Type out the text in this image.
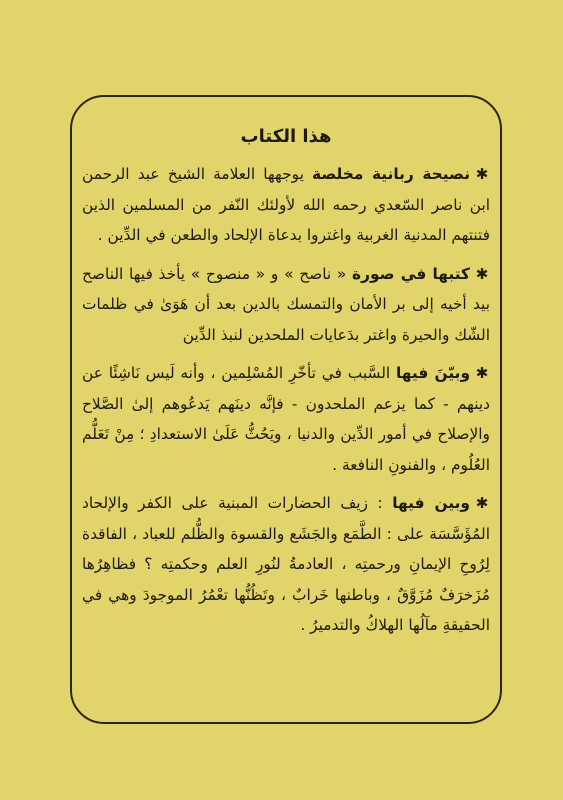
هذا الكتاب

✱نصيحة ربانية مخلصة يوجهها العلامة الشيخ عبد الرحمن ابن ناصر السّعدي رحمه الله لأولئك النّفر من المسلمين الذين فتنتهم المدنية الغربية واغتروا بدعاة الإلحاد والطعن في الدِّين .

✱كتبها في صورة « ناصح » و « منصوح » يأخذ فيها الناصح بيد أخيه إلى بر الأمان والتمسك بالدين بعد أن هَوَىٰ في ظلمات الشّك والحيرة واغتر بدَعايات الملحدين لنبذ الدِّين

✱وبيّنَ فيها السَّبب في تأخّرِ المُسْلِمين ، وأنه لَيس نَاشِئًا عن دينهم - كما يزعم الملحدون - فإنَّه دينَهم يَدعُوهم إلىٰ الصَّلاح والإصلاح في أمور الدِّين والدنيا ، ويَحُثُّ عَلَىٰ الاستعدادِ ؛ مِنْ تَعَلُّم العُلُوم ، والفنونِ النافعة .

✱وبين فيها : زيف الحضارات المبنية على الكفر والإلحاد المُؤَسَّسَة على : الطَّمَع والجَشَع والقسوة والظُّلم للعباد ، الفاقدة لِرُوحِ الإيمانِ ورحمتِه ، العادمةُ لنُورِ العلم وحكمتِه ؟ فظاهِرُها مُزَخرَفٌ مُزَوَّقٌ ، وباطنها خَرابٌ ، وتَظُنُّها تعْمُرُ الموجودَ وهي في الحقيقةِ مآلُها الهلاكُ والتدميرُ .
